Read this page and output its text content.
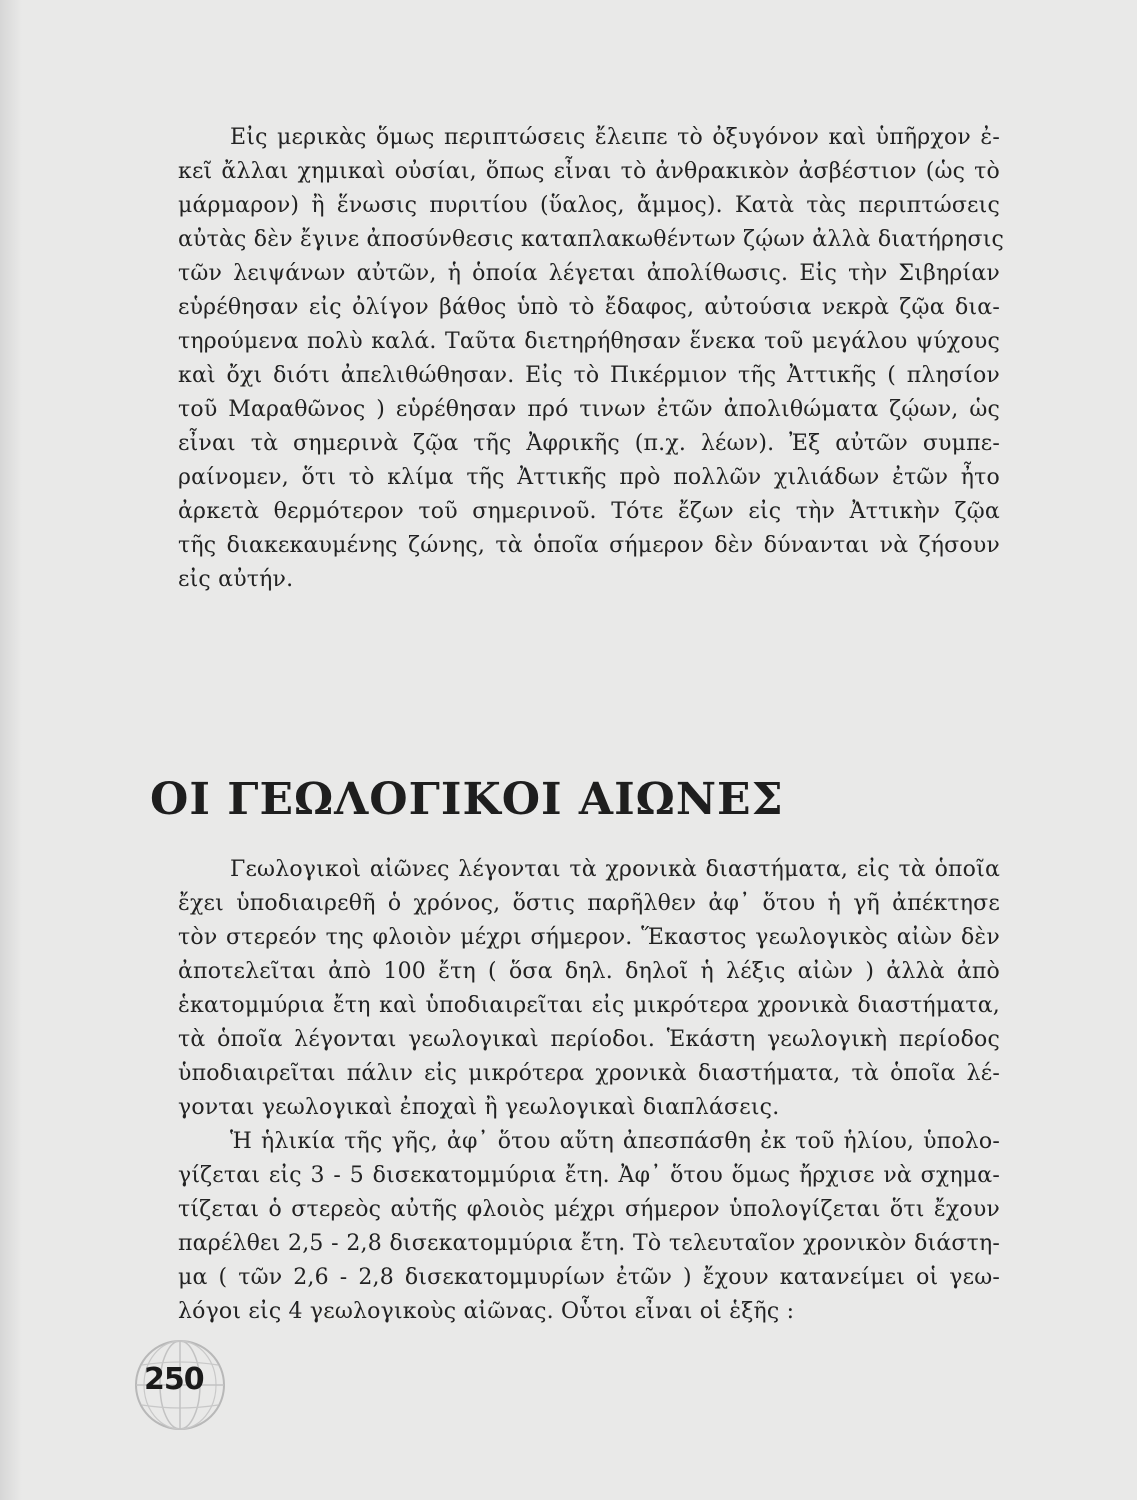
Εἰς μερικὰς ὅμως περιπτώσεις ἔλειπε τὸ ὀξυγόνον καὶ ὑπῆρχον ἐ-
κεῖ ἄλλαι χημικαὶ οὐσίαι, ὅπως εἶναι τὸ ἀνθρακικὸν ἀσβέστιον (ὡς τὸ
μάρμαρον) ἢ ἕνωσις πυριτίου (ὕαλος, ἄμμος). Κατὰ τὰς περιπτώσεις
αὐτὰς δὲν ἔγινε ἀποσύνθεσις καταπλακωθέντων ζῴων ἀλλὰ διατήρησις
τῶν λειψάνων αὐτῶν, ἡ ὁποία λέγεται ἀπολίθωσις. Εἰς τὴν Σιβηρίαν
εὑρέθησαν εἰς ὀλίγον βάθος ὑπὸ τὸ ἔδαφος, αὐτούσια νεκρὰ ζῷα δια-
τηρούμενα πολὺ καλά. Ταῦτα διετηρήθησαν ἕνεκα τοῦ μεγάλου ψύχους
καὶ ὄχι διότι ἀπελιθώθησαν. Εἰς τὸ Πικέρμιον τῆς Ἀττικῆς ( πλησίον
τοῦ Μαραθῶνος ) εὑρέθησαν πρό τινων ἐτῶν ἀπολιθώματα ζῴων, ὡς
εἶναι τὰ σημερινὰ ζῷα τῆς Ἀφρικῆς (π.χ. λέων). Ἐξ αὐτῶν συμπε-
ραίνομεν, ὅτι τὸ κλίμα τῆς Ἀττικῆς πρὸ πολλῶν χιλιάδων ἐτῶν ἦτο
ἀρκετὰ θερμότερον τοῦ σημερινοῦ. Τότε ἔζων εἰς τὴν Ἀττικὴν ζῷα
τῆς διακεκαυμένης ζώνης, τὰ ὁποῖα σήμερον δὲν δύνανται νὰ ζήσουν
εἰς αὐτήν.
ΟΙ ΓΕΩΛΟΓΙΚΟΙ ΑΙΩΝΕΣ
Γεωλογικοὶ αἰῶνες λέγονται τὰ χρονικὰ διαστήματα, εἰς τὰ ὁποῖα
ἔχει ὑποδιαιρεθῆ ὁ χρόνος, ὅστις παρῆλθεν ἀφ᾽ ὅτου ἡ γῆ ἀπέκτησε
τὸν στερεόν της φλοιὸν μέχρι σήμερον. Ἕκαστος γεωλογικὸς αἰὼν δὲν
ἀποτελεῖται ἀπὸ 100 ἔτη ( ὅσα δηλ. δηλοῖ ἡ λέξις αἰὼν ) ἀλλὰ ἀπὸ
ἑκατομμύρια ἔτη καὶ ὑποδιαιρεῖται εἰς μικρότερα χρονικὰ διαστήματα,
τὰ ὁποῖα λέγονται γεωλογικαὶ περίοδοι. Ἑκάστη γεωλογικὴ περίοδος
ὑποδιαιρεῖται πάλιν εἰς μικρότερα χρονικὰ διαστήματα, τὰ ὁποῖα λέ-
γονται γεωλογικαὶ ἐποχαὶ ἢ γεωλογικαὶ διαπλάσεις.
Ἡ ἡλικία τῆς γῆς, ἀφ᾽ ὅτου αὕτη ἀπεσπάσθη ἐκ τοῦ ἡλίου, ὑπολο-
γίζεται εἰς 3 - 5 δισεκατομμύρια ἔτη. Ἀφ᾽ ὅτου ὅμως ἤρχισε νὰ σχημα-
τίζεται ὁ στερεὸς αὐτῆς φλοιὸς μέχρι σήμερον ὑπολογίζεται ὅτι ἔχουν
παρέλθει 2,5 - 2,8 δισεκατομμύρια ἔτη. Τὸ τελευταῖον χρονικὸν διάστη-
μα ( τῶν 2,6 - 2,8 δισεκατομμυρίων ἐτῶν ) ἔχουν κατανείμει οἱ γεω-
λόγοι εἰς 4 γεωλογικοὺς αἰῶνας. Οὗτοι εἶναι οἱ ἑξῆς :
250
